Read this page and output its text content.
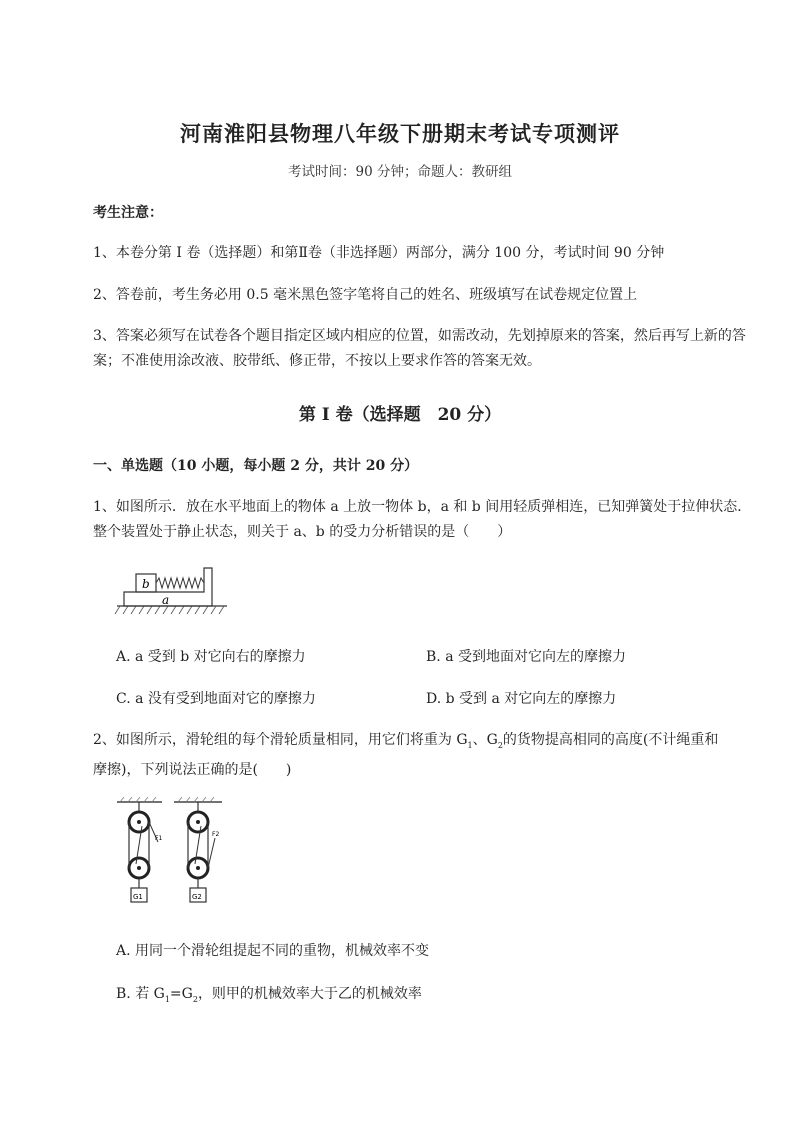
河南淮阳县物理八年级下册期末考试专项测评
考试时间：90 分钟；命题人：教研组
考生注意：
1、本卷分第 I 卷（选择题）和第Ⅱ卷（非选择题）两部分，满分 100 分，考试时间 90 分钟
2、答卷前，考生务必用 0.5 毫米黑色签字笔将自己的姓名、班级填写在试卷规定位置上
3、答案必须写在试卷各个题目指定区域内相应的位置，如需改动，先划掉原来的答案，然后再写上新的答案；不准使用涂改液、胶带纸、修正带，不按以上要求作答的答案无效。
第 I 卷（选择题　20 分）
一、单选题（10 小题，每小题 2 分，共计 20 分）
1、如图所示．放在水平地面上的物体 a 上放一物体 b，a 和 b 间用轻质弹相连，已知弹簧处于拉伸状态．整个装置处于静止状态，则关于 a、b 的受力分析错误的是（　　）
b
a
A. a 受到 b 对它向右的摩擦力	B. a 受到地面对它向左的摩擦力
C. a 没有受到地面对它的摩擦力	D. b 受到 a 对它向左的摩擦力
2、如图所示，滑轮组的每个滑轮质量相同，用它们将重为 $G_1$、$G_2$的货物提高相同的高度(不计绳重和
摩擦)，下列说法正确的是(　　)
G1
F1
G2
F2
A. 用同一个滑轮组提起不同的重物，机械效率不变
B. 若 $G_1=G_2$，则甲的机械效率大于乙的机械效率
